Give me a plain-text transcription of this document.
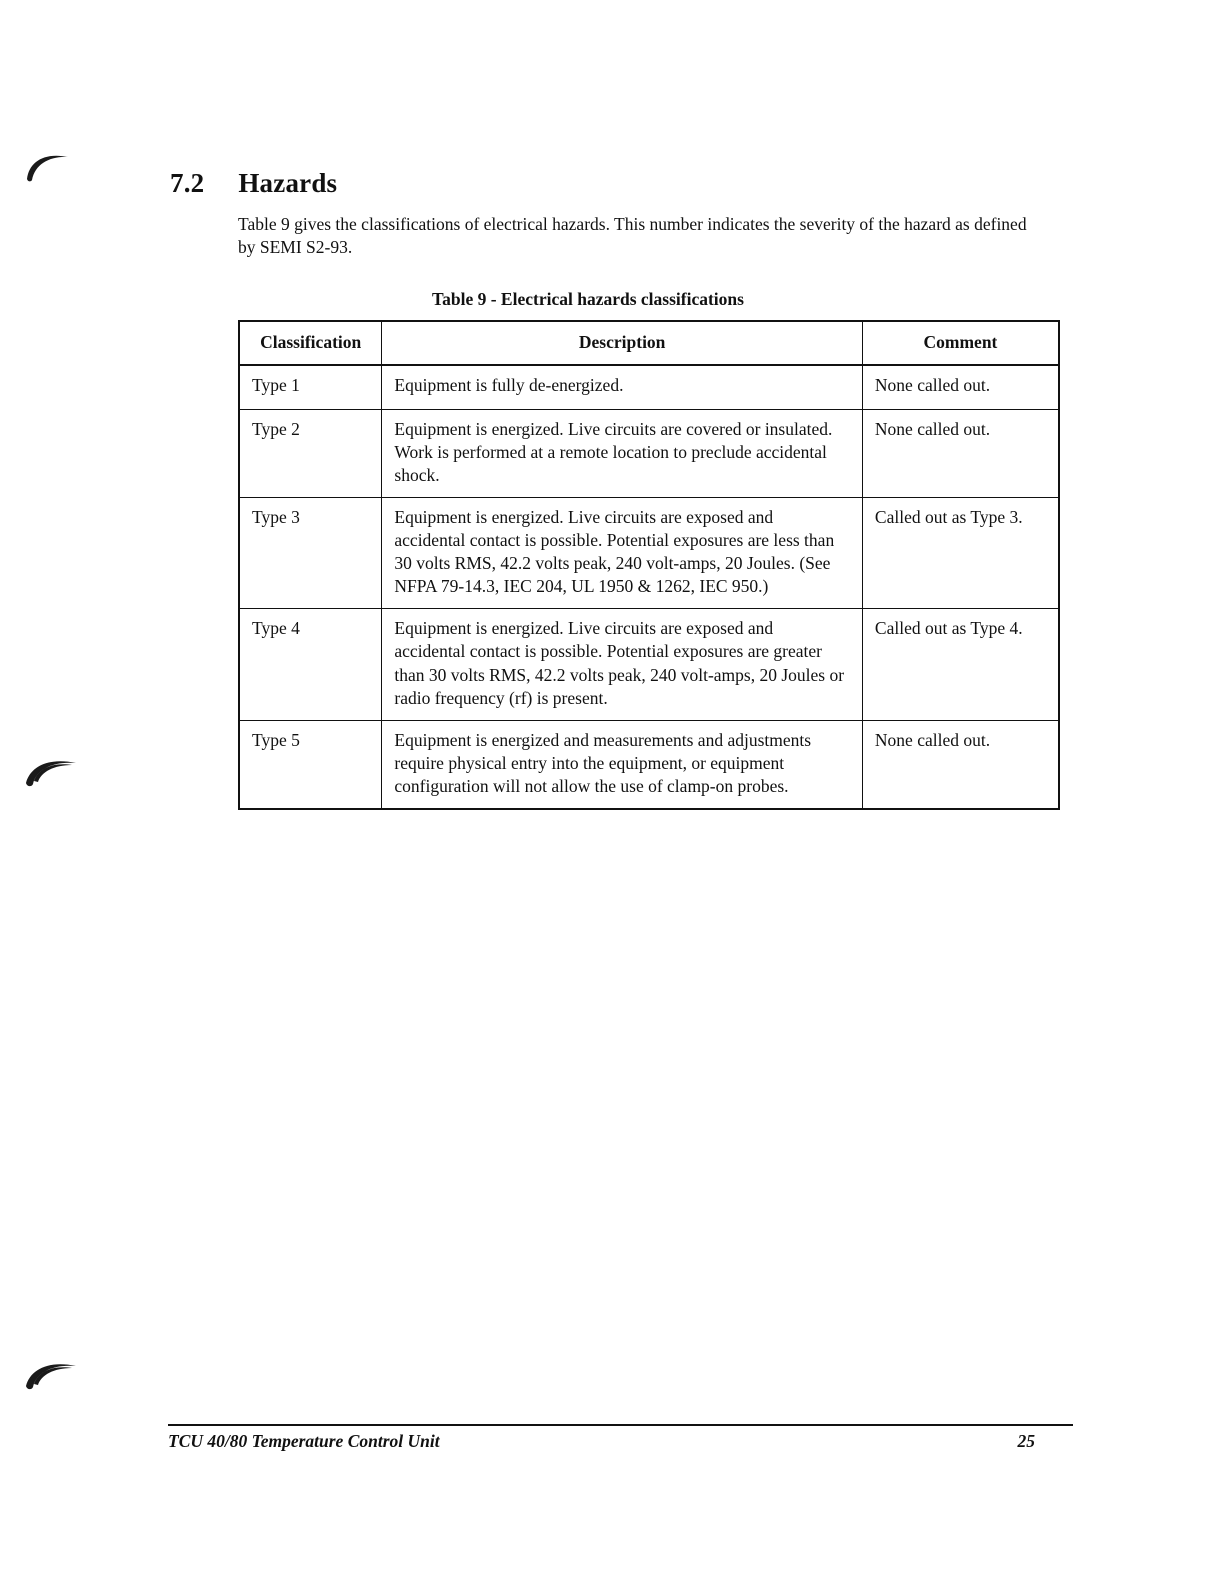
7.2 Hazards

Table 9 gives the classifications of electrical hazards. This number indicates the severity of the hazard as defined by SEMI S2-93.

Table 9 - Electrical hazards classifications
Classification	Description	Comment
Type 1	Equipment is fully de-energized.	None called out.
Type 2	Equipment is energized. Live circuits are covered or insulated. Work is performed at a remote location to preclude accidental shock.	None called out.
Type 3	Equipment is energized. Live circuits are exposed and accidental contact is possible. Potential exposures are less than 30 volts RMS, 42.2 volts peak, 240 volt-amps, 20 Joules. (See NFPA 79-14.3, IEC 204, UL 1950 & 1262, IEC 950.)	Called out as Type 3.
Type 4	Equipment is energized. Live circuits are exposed and accidental contact is possible. Potential exposures are greater than 30 volts RMS, 42.2 volts peak, 240 volt-amps, 20 Joules or radio frequency (rf) is present.	Called out as Type 4.
Type 5	Equipment is energized and measurements and adjustments require physical entry into the equipment, or equipment configuration will not allow the use of clamp-on probes.	None called out.
TCU 40/80 Temperature Control Unit	25
